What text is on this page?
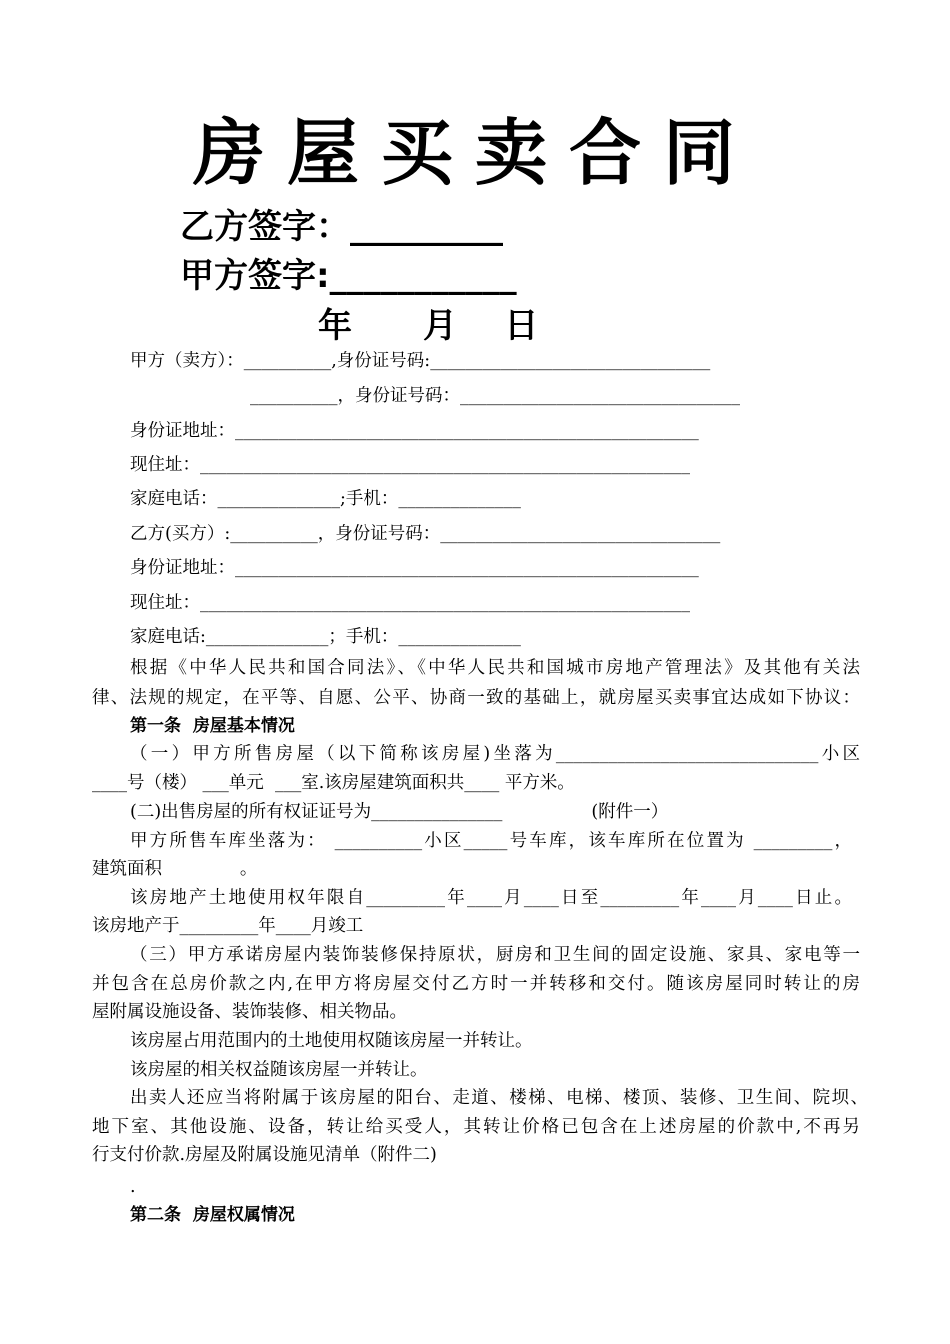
房屋买卖合同
乙方签字：_________
甲方签字:___________
年      月    日
甲方（卖方）：__________,身份证号码:________________________________
__________，身份证号码：________________________________
身份证地址：_____________________________________________________
现住址：________________________________________________________
家庭电话：______________;手机：______________
乙方(买方）:__________，身份证号码：________________________________
身份证地址：_____________________________________________________
现住址：________________________________________________________
家庭电话:______________；手机：______________
根据《中华人民共和国合同法》、《中华人民共和国城市房地产管理法》及其他有关法
律、法规的规定，在平等、自愿、公平、协商一致的基础上，就房屋买卖事宜达成如下协议：
第一条  房屋基本情况
（一）甲方所售房屋（以下简称该房屋)坐落为______________________________小区
____号（楼） ___单元  ___室.该房屋建筑面积共____ 平方米。
(二)出售房屋的所有权证证号为_______________                (附件一）
甲方所售车库坐落为： __________小区_____号车库，该车库所在位置为 _________，
建筑面积              。
该房地产土地使用权年限自_________年____月____日至_________年____月____日止。
该房地产于_________年____月竣工
（三）甲方承诺房屋内装饰装修保持原状，厨房和卫生间的固定设施、家具、家电等一
并包含在总房价款之内,在甲方将房屋交付乙方时一并转移和交付。随该房屋同时转让的房
屋附属设施设备、装饰装修、相关物品。
该房屋占用范围内的土地使用权随该房屋一并转让。
该房屋的相关权益随该房屋一并转让。
出卖人还应当将附属于该房屋的阳台、走道、楼梯、电梯、楼顶、装修、卫生间、院坝、
地下室、其他设施、设备，转让给买受人，其转让价格已包含在上述房屋的价款中,不再另
行支付价款.房屋及附属设施见清单（附件二)
.
第二条  房屋权属情况
